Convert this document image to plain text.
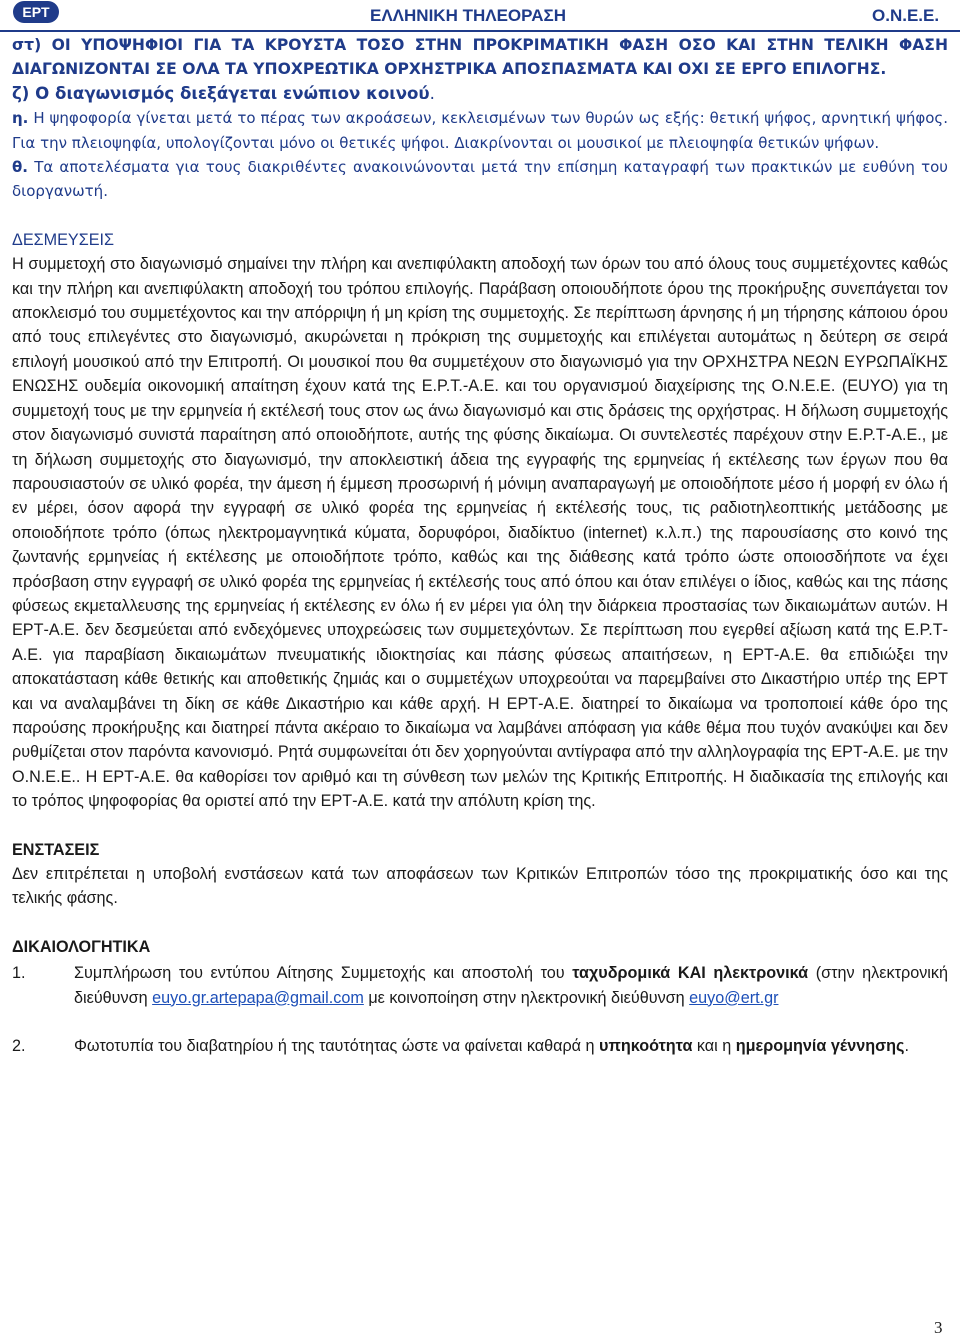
EPT	ΕΛΛΗΝΙΚΗ ΤΗΛΕΟΡΑΣΗ	Ο.Ν.Ε.Ε.

στ) ΟΙ ΥΠΟΨΗΦΙΟΙ ΓΙΑ ΤΑ ΚΡΟΥΣΤΑ ΤΟΣΟ ΣΤΗΝ ΠΡΟΚΡΙΜΑΤΙΚΗ ΦΑΣΗ ΟΣΟ ΚΑΙ ΣΤΗΝ ΤΕΛΙΚΗ ΦΑΣΗ ΔΙΑΓΩΝΙΖΟΝΤΑΙ ΣΕ ΟΛΑ ΤΑ ΥΠΟΧΡΕΩΤΙΚΑ ΟΡΧΗΣΤΡΙΚΑ ΑΠΟΣΠΑΣΜΑΤΑ ΚΑΙ ΟΧΙ ΣΕ ΕΡΓΟ ΕΠΙΛΟΓΗΣ.

ζ) Ο διαγωνισμός διεξάγεται ενώπιον κοινού.

η. Η ψηφοφορία γίνεται μετά το πέρας των ακροάσεων, κεκλεισμένων των θυρών ως εξής: θετική ψήφος, αρνητική ψήφος. Για την πλειοψηφία, υπολογίζονται μόνο οι θετικές ψήφοι. Διακρίνονται οι μουσικοί με πλειοψηφία θετικών ψήφων.

θ. Τα αποτελέσματα για τους διακριθέντες ανακοινώνονται μετά την επίσημη καταγραφή των πρακτικών με ευθύνη του διοργανωτή.

ΔΕΣΜΕΥΣΕΙΣ

Η συμμετοχή στο διαγωνισμό σημαίνει την πλήρη και ανεπιφύλακτη αποδοχή των όρων του από όλους τους συμμετέχοντες καθώς και την πλήρη και ανεπιφύλακτη αποδοχή του τρόπου επιλογής. Παράβαση οποιουδήποτε όρου της προκήρυξης συνεπάγεται τον αποκλεισμό του συμμετέχοντος και την απόρριψη ή μη κρίση της συμμετοχής. Σε περίπτωση άρνησης ή μη τήρησης κάποιου όρου από τους επιλεγέντες στο διαγωνισμό, ακυρώνεται η πρόκριση της συμμετοχής και επιλέγεται αυτομάτως η δεύτερη σε σειρά επιλογή μουσικού από την Επιτροπή. Οι μουσικοί που θα συμμετέχουν στο διαγωνισμό για την ΟΡΧΗΣΤΡΑ ΝΕΩΝ ΕΥΡΩΠΑΪΚΗΣ ΕΝΩΣΗΣ ουδεμία οικονομική απαίτηση έχουν κατά της Ε.Ρ.Τ.-Α.Ε. και του οργανισμού διαχείρισης της Ο.Ν.Ε.Ε. (EUYO) για τη συμμετοχή τους με την ερμηνεία ή εκτέλεσή τους στον ως άνω διαγωνισμό και στις δράσεις της ορχήστρας. Η δήλωση συμμετοχής στον διαγωνισμό συνιστά παραίτηση από οποιοδήποτε, αυτής της φύσης δικαίωμα. Οι συντελεστές παρέχουν στην Ε.Ρ.Τ-Α.Ε., με τη δήλωση συμμετοχής στο διαγωνισμό, την αποκλειστική άδεια της εγγραφής της ερμηνείας ή εκτέλεσης των έργων που θα παρουσιαστούν σε υλικό φορέα, την άμεση ή έμμεση προσωρινή ή μόνιμη αναπαραγωγή με οποιοδήποτε μέσο ή μορφή εν όλω ή εν μέρει, όσον αφορά την εγγραφή σε υλικό φορέα της ερμηνείας ή εκτέλεσής τους, τις ραδιοτηλεοπτικής μετάδοσης με οποιοδήποτε τρόπο (όπως ηλεκτρομαγνητικά κύματα, δορυφόροι, διαδίκτυο (internet) κ.λ.π.) της παρουσίασης στο κοινό της ζωντανής ερμηνείας ή εκτέλεσης με οποιοδήποτε τρόπο, καθώς και της διάθεσης κατά τρόπο ώστε οποιοσδήποτε να έχει πρόσβαση στην εγγραφή σε υλικό φορέα της ερμηνείας ή εκτέλεσής τους από όπου και όταν επιλέγει ο ίδιος, καθώς και της πάσης φύσεως εκμεταλλευσης της ερμηνείας ή εκτέλεσης εν όλω ή εν μέρει για όλη την διάρκεια προστασίας των δικαιωμάτων αυτών. Η ΕΡΤ-Α.Ε. δεν δεσμεύεται από ενδεχόμενες υποχρεώσεις των συμμετεχόντων. Σε περίπτωση που εγερθεί αξίωση κατά της Ε.Ρ.Τ-Α.Ε. για παραβίαση δικαιωμάτων πνευματικής ιδιοκτησίας και πάσης φύσεως απαιτήσεων, η ΕΡΤ-Α.Ε. θα επιδιώξει την αποκατάσταση κάθε θετικής και αποθετικής ζημιάς και ο συμμετέχων υποχρεούται να παρεμβαίνει στο Δικαστήριο υπέρ της ΕΡΤ και να αναλαμβάνει τη δίκη σε κάθε Δικαστήριο και κάθε αρχή. Η ΕΡΤ-Α.Ε. διατηρεί το δικαίωμα να τροποποιεί κάθε όρο της παρούσης προκήρυξης και διατηρεί πάντα ακέραιο το δικαίωμα να λαμβάνει απόφαση για κάθε θέμα που τυχόν ανακύψει και δεν ρυθμίζεται στον παρόντα κανονισμό. Ρητά συμφωνείται ότι δεν χορηγούνται αντίγραφα από την αλληλογραφία της ΕΡΤ-Α.Ε. με την Ο.Ν.Ε.Ε.. Η ΕΡΤ-Α.Ε. θα καθορίσει τον αριθμό και τη σύνθεση των μελών της Κριτικής Επιτροπής. Η διαδικασία της επιλογής και το τρόπος ψηφοφορίας θα οριστεί από την ΕΡΤ-Α.Ε. κατά την απόλυτη κρίση της.

ΕΝΣΤΑΣΕΙΣ

Δεν επιτρέπεται η υποβολή ενστάσεων κατά των αποφάσεων των Κριτικών Επιτροπών τόσο της προκριματικής όσο και της τελικής φάσης.

ΔΙΚΑΙΟΛΟΓΗΤΙΚΑ

1.	Συμπλήρωση του εντύπου Αίτησης Συμμετοχής και αποστολή του ταχυδρομικά ΚΑΙ ηλεκτρονικά (στην ηλεκτρονική διεύθυνση euyo.gr.artepapa@gmail.com με κοινοποίηση στην ηλεκτρονική διεύθυνση euyo@ert.gr
2.	Φωτοτυπία του διαβατηρίου ή της ταυτότητας ώστε να φαίνεται καθαρά η υπηκοότητα και η ημερομηνία γέννησης.
3
